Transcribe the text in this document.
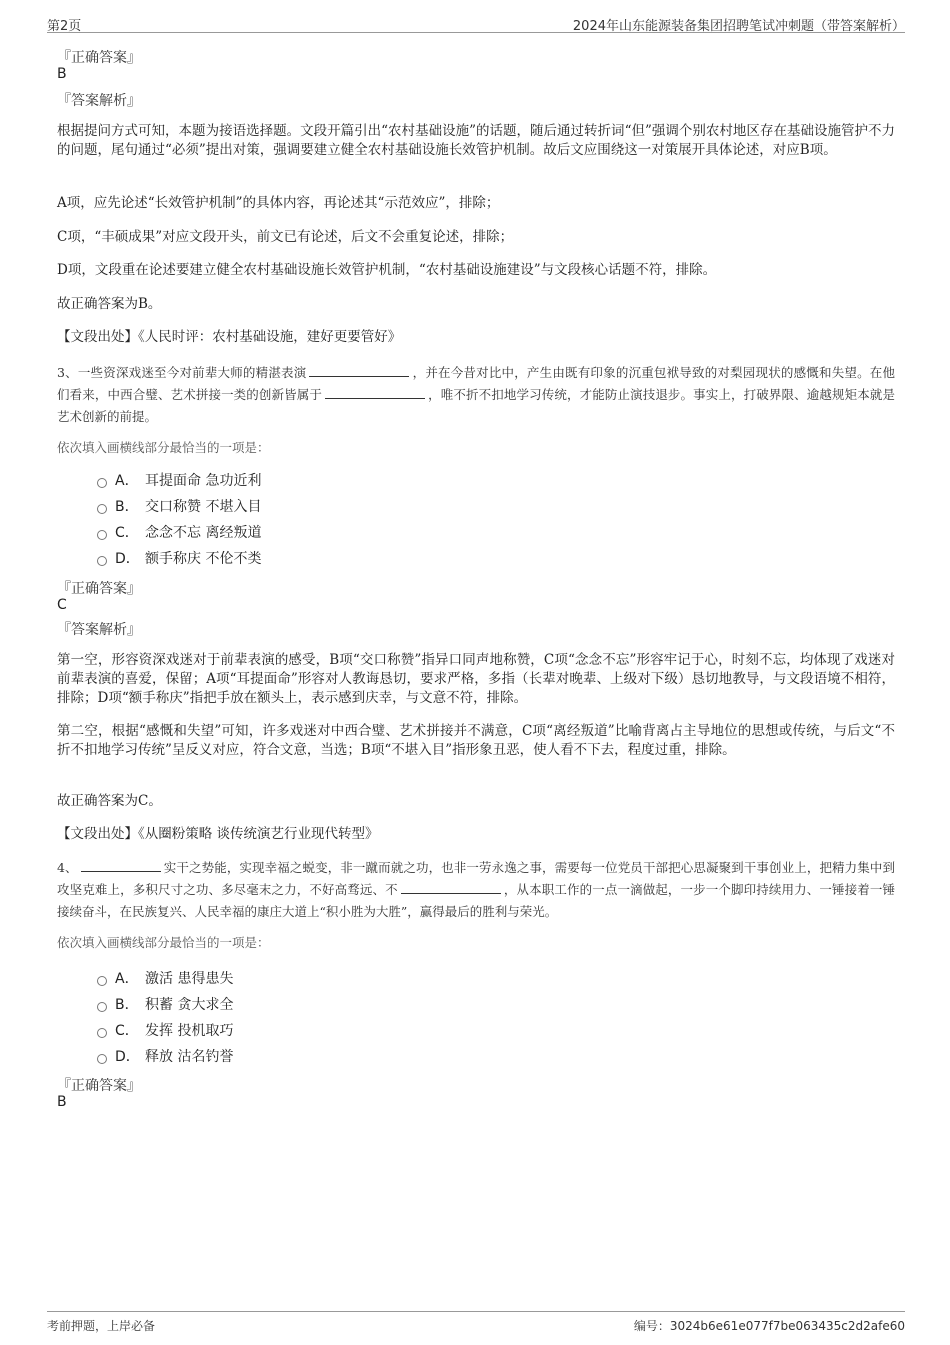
第2页	2024年山东能源装备集团招聘笔试冲刺题（带答案解析）
『正确答案』
B
『答案解析』
根据提问方式可知，本题为接语选择题。文段开篇引出“农村基础设施”的话题，随后通过转折词“但”强调个别农村地区存在基础设施管护不力的问题，尾句通过“必须”提出对策，强调要建立健全农村基础设施长效管护机制。故后文应围绕这一对策展开具体论述，对应B项。
A项，应先论述“长效管护机制”的具体内容，再论述其“示范效应”，排除；
C项，“丰硕成果”对应文段开头，前文已有论述，后文不会重复论述，排除；
D项，文段重在论述要建立健全农村基础设施长效管护机制，“农村基础设施建设”与文段核心话题不符，排除。
故正确答案为B。
【文段出处】《人民时评：农村基础设施，建好更要管好》
3、一些资深戏迷至今对前辈大师的精湛表演	，并在今昔对比中，产生由既有印象的沉重包袱导致的对梨园现状的感慨和失望。在他们看来，中西合璧、艺术拼接一类的创新皆属于	，唯不折不扣地学习传统，才能防止演技退步。事实上，打破界限、逾越规矩本就是艺术创新的前提。
依次填入画横线部分最恰当的一项是：
A． 耳提面命 急功近利
B． 交口称赞 不堪入目
C． 念念不忘 离经叛道
D． 额手称庆 不伦不类
『正确答案』
C
『答案解析』
第一空，形容资深戏迷对于前辈表演的感受，B项“交口称赞”指异口同声地称赞，C项“念念不忘”形容牢记于心，时刻不忘，均体现了戏迷对前辈表演的喜爱，保留；A项“耳提面命”形容对人教诲恳切，要求严格，多指（长辈对晚辈、上级对下级）恳切地教导，与文段语境不相符，排除；D项“额手称庆”指把手放在额头上，表示感到庆幸，与文意不符，排除。
第二空，根据“感慨和失望”可知，许多戏迷对中西合璧、艺术拼接并不满意，C项“离经叛道”比喻背离占主导地位的思想或传统，与后文“不折不扣地学习传统”呈反义对应，符合文意，当选；B项“不堪入目”指形象丑恶，使人看不下去，程度过重，排除。
故正确答案为C。
【文段出处】《从圈粉策略 谈传统演艺行业现代转型》
4、	实干之势能，实现幸福之蜕变，非一蹴而就之功，也非一劳永逸之事，需要每一位党员干部把心思凝聚到干事创业上，把精力集中到攻坚克难上，多积尺寸之功、多尽毫末之力，不好高骛远、不	，从本职工作的一点一滴做起，一步一个脚印持续用力、一锤接着一锤接续奋斗，在民族复兴、人民幸福的康庄大道上“积小胜为大胜”，赢得最后的胜利与荣光。
依次填入画横线部分最恰当的一项是：
A． 激活 患得患失
B． 积蓄 贪大求全
C． 发挥 投机取巧
D． 释放 沽名钓誉
『正确答案』
B
考前押题，上岸必备	编号：3024b6e61e077f7be063435c2d2afe60
